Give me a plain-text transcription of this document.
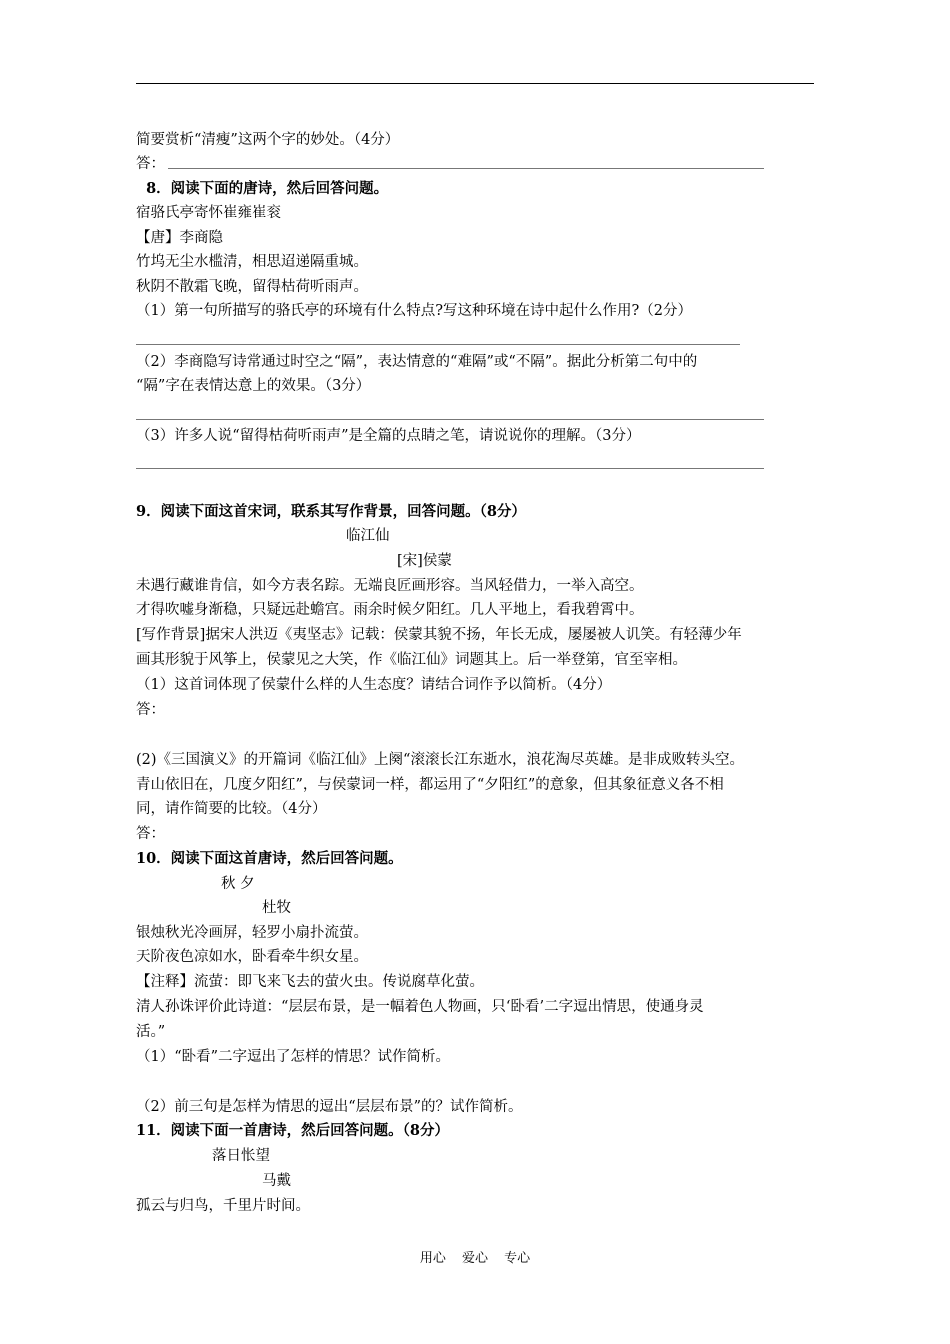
简要赏析“清瘦”这两个字的妙处。（4分）
答：
8．阅读下面的唐诗，然后回答问题。
宿骆氏亭寄怀崔雍崔衮
【唐】李商隐
竹坞无尘水槛清，相思迢递隔重城。
秋阴不散霜飞晚，留得枯荷听雨声。
（1）第一句所描写的骆氏亭的环境有什么特点?写这种环境在诗中起什么作用?（2分）
（2）李商隐写诗常通过时空之“隔”，表达情意的“难隔”或“不隔”。据此分析第二句中的
“隔”字在表情达意上的效果。（3分）
（3）许多人说“留得枯荷听雨声”是全篇的点睛之笔，请说说你的理解。（3分）
9．阅读下面这首宋词，联系其写作背景，回答问题。（8分）
临江仙
[宋]侯蒙
未遇行藏谁肯信，如今方表名踪。无端良匠画形容。当风轻借力，一举入高空。
才得吹嘘身渐稳，只疑远赴蟾宫。雨余时候夕阳红。几人平地上，看我碧霄中。
[写作背景]据宋人洪迈《夷坚志》记载：侯蒙其貌不扬，年长无成，屡屡被人讥笑。有轻薄少年
画其形貌于风筝上，侯蒙见之大笑，作《临江仙》词题其上。后一举登第，官至宰相。
（1）这首词体现了侯蒙什么样的人生态度？请结合词作予以简析。（4分）
答：
(2)《三国演义》的开篇词《临江仙》上阕“滚滚长江东逝水，浪花淘尽英雄。是非成败转头空。
青山依旧在，几度夕阳红”，与侯蒙词一样，都运用了“夕阳红”的意象，但其象征意义各不相
同，请作简要的比较。（4分）
答：
10．阅读下面这首唐诗，然后回答问题。
秋 夕
杜牧
银烛秋光冷画屏，轻罗小扇扑流萤。
天阶夜色凉如水，卧看牵牛织女星。
【注释】流萤：即飞来飞去的萤火虫。传说腐草化萤。
清人孙诛评价此诗道：“层层布景，是一幅着色人物画，只‘卧看’二字逗出情思，使通身灵
活。”
（1）“卧看”二字逗出了怎样的情思？试作简析。
（2）前三句是怎样为情思的逗出“层层布景”的？试作简析。
11．阅读下面一首唐诗，然后回答问题。（8分）
落日怅望
马戴
孤云与归鸟，千里片时间。
用心 爱心 专心
